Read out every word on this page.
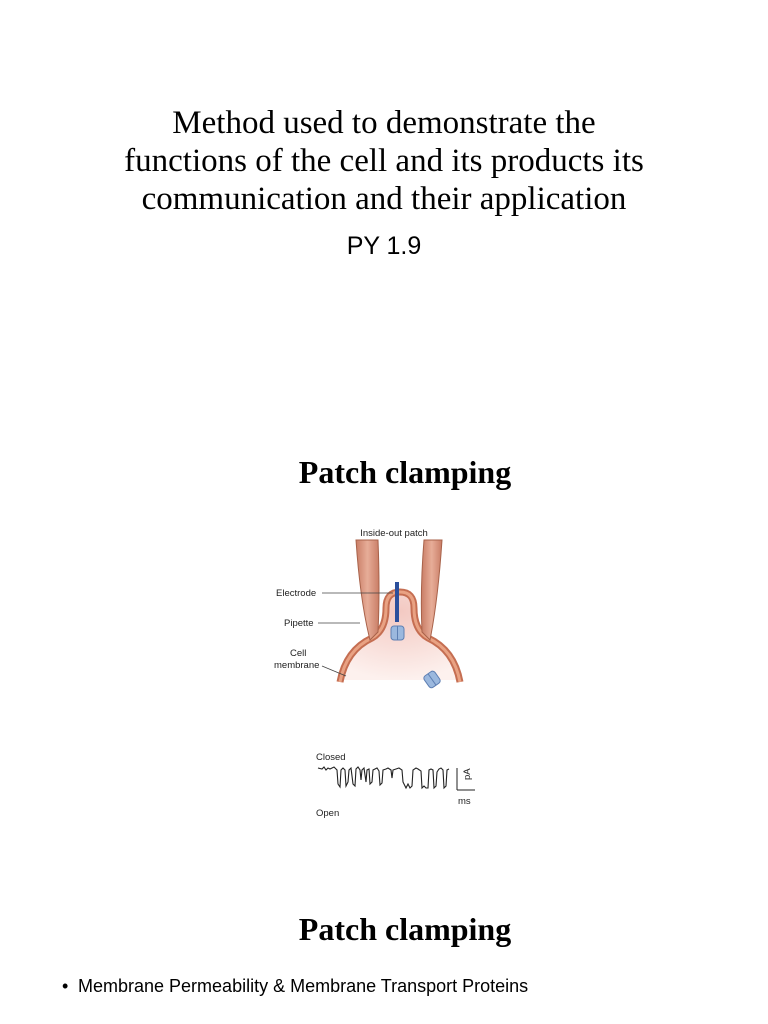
Method used to demonstrate the
functions of the cell and its products its
communication and their application
PY 1.9
Patch clamping
Inside-out patch
Electrode
Pipette
Cell
membrane
Closed
Open
pA
ms
Patch clamping
• Membrane Permeability & Membrane Transport Proteins
